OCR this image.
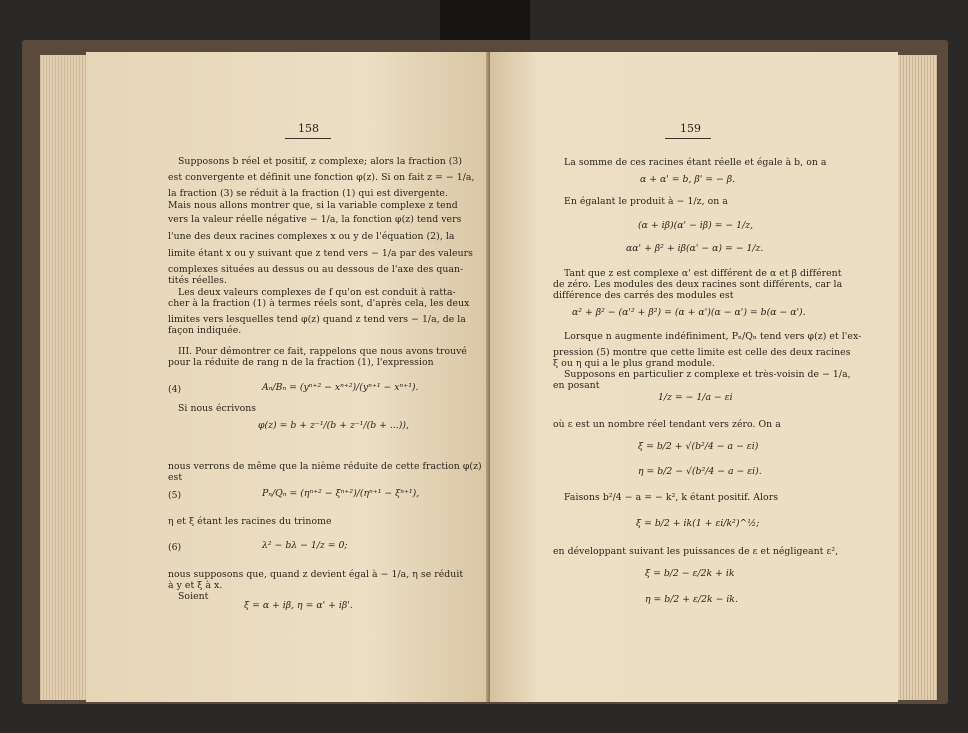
158
Supposons b réel et positif, z complexe; alors la fraction (3)
est convergente et définit une fonction φ(z). Si on fait z = − 1/a,
la fraction (3) se réduit à la fraction (1) qui est divergente.
Mais nous allons montrer que, si la variable complexe z tend
vers la valeur réelle négative − 1/a, la fonction φ(z) tend vers
l'une des deux racines complexes x ou y de l'équation (2), la
limite étant x ou y suivant que z tend vers − 1/a par des valeurs
complexes situées au dessus ou au dessous de l'axe des quan-
tités réelles.
Les deux valeurs complexes de f qu'on est conduit à ratta-
cher à la fraction (1) à termes réels sont, d'après cela, les deux
limites vers lesquelles tend φ(z) quand z tend vers − 1/a, de la
façon indiquée.
III. Pour démontrer ce fait, rappelons que nous avons trouvé
pour la réduite de rang n de la fraction (1), l'expression
(4)	Aₙ/Bₙ = (yⁿ⁺² − xⁿ⁺²)/(yⁿ⁺¹ − xⁿ⁺¹).
Si nous écrivons
φ(z) = b + z⁻¹/(b + z⁻¹/(b + ...)),
nous verrons de même que la nième réduite de cette fraction φ(z)
est
(5)	Pₙ/Qₙ = (ηⁿ⁺² − ξⁿ⁺²)/(ηⁿ⁺¹ − ξⁿ⁺¹),
η et ξ étant les racines du trinome
(6)	λ² − bλ − 1/z = 0;
nous supposons que, quand z devient égal à − 1/a, η se réduit
à y et ξ à x.
Soient
ξ = α + iβ, η = α' + iβ'.
159
La somme de ces racines étant réelle et égale à b, on a
α + α' = b, β' = − β.
En égalant le produit à − 1/z, on a
(α + iβ)(α' − iβ) = − 1/z,
αα' + β² + iβ(α' − α) = − 1/z.
Tant que z est complexe α' est différent de α et β différent
de zéro. Les modules des deux racines sont différents, car la
différence des carrés des modules est
α² + β² − (α'² + β²) = (α + α')(α − α') = b(α − α').
Lorsque n augmente indéfiniment, Pₙ/Qₙ tend vers φ(z) et l'ex-
pression (5) montre que cette limite est celle des deux racines
ξ ou η qui a le plus grand module.
Supposons en particulier z complexe et très-voisin de − 1/a,
en posant
1/z = − 1/a − εi
où ε est un nombre réel tendant vers zéro. On a
ξ = b/2 + √(b²/4 − a − εi)
η = b/2 − √(b²/4 − a − εi).
Faisons b²/4 − a = − k², k étant positif. Alors
ξ = b/2 + ik(1 + εi/k²)^½;
en développant suivant les puissances de ε et négligeant ε²,
ξ = b/2 − ε/2k + ik
η = b/2 + ε/2k − ik.
